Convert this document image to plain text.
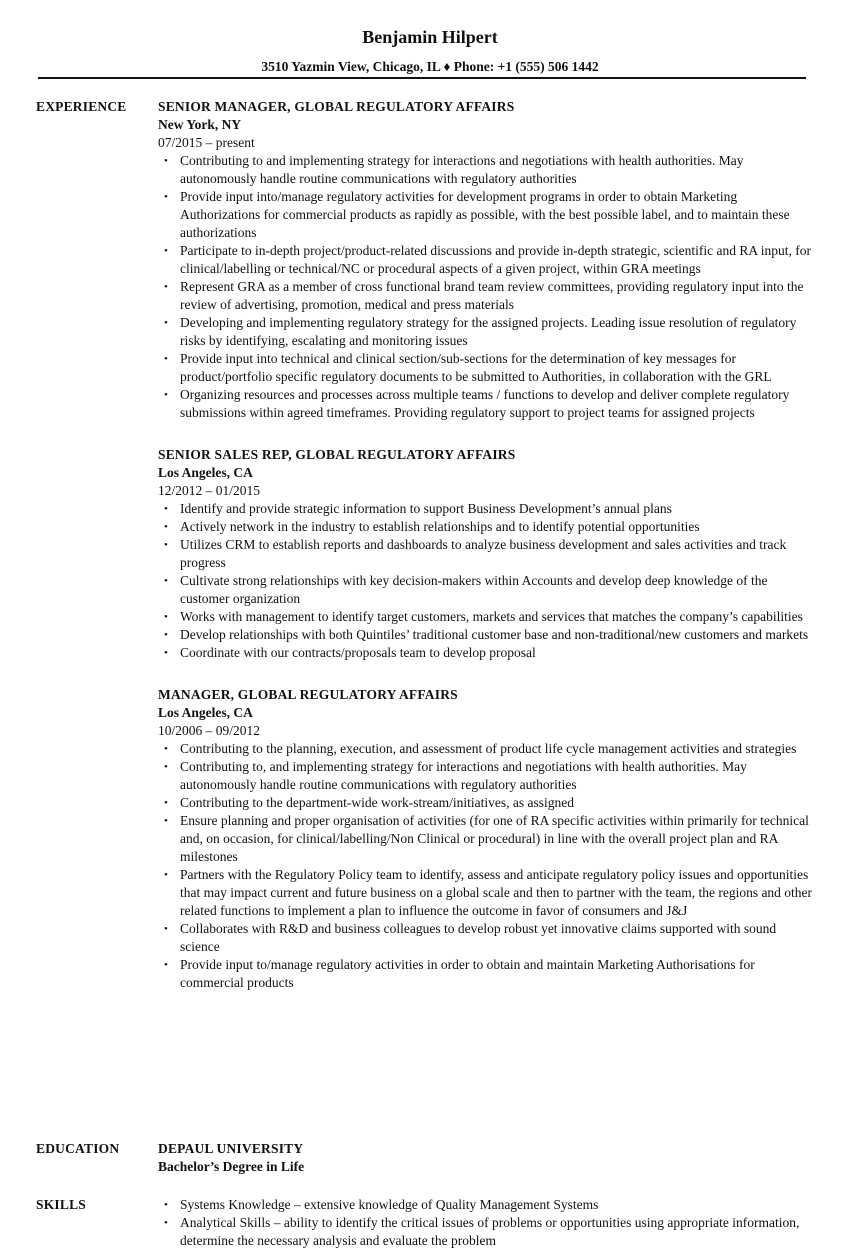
Benjamin Hilpert
3510 Yazmin View, Chicago, IL ♦ Phone: +1 (555) 506 1442
EXPERIENCE SENIOR MANAGER, GLOBAL REGULATORY AFFAIRS
New York, NY
07/2015 – present
• Contributing to and implementing strategy for interactions and negotiations with health authorities. May autonomously handle routine communications with regulatory authorities
• Provide input into/manage regulatory activities for development programs in order to obtain Marketing Authorizations for commercial products as rapidly as possible, with the best possible label, and to maintain these authorizations
• Participate to in-depth project/product-related discussions and provide in-depth strategic, scientific and RA input, for clinical/labelling or technical/NC or procedural aspects of a given project, within GRA meetings
• Represent GRA as a member of cross functional brand team review committees, providing regulatory input into the review of advertising, promotion, medical and press materials
• Developing and implementing regulatory strategy for the assigned projects. Leading issue resolution of regulatory risks by identifying, escalating and monitoring issues
• Provide input into technical and clinical section/sub-sections for the determination of key messages for product/portfolio specific regulatory documents to be submitted to Authorities, in collaboration with the GRL
• Organizing resources and processes across multiple teams / functions to develop and deliver complete regulatory submissions within agreed timeframes. Providing regulatory support to project teams for assigned projects
SENIOR SALES REP, GLOBAL REGULATORY AFFAIRS
Los Angeles, CA
12/2012 – 01/2015
• Identify and provide strategic information to support Business Development’s annual plans
• Actively network in the industry to establish relationships and to identify potential opportunities
• Utilizes CRM to establish reports and dashboards to analyze business development and sales activities and track progress
• Cultivate strong relationships with key decision-makers within Accounts and develop deep knowledge of the customer organization
• Works with management to identify target customers, markets and services that matches the company’s capabilities
• Develop relationships with both Quintiles’ traditional customer base and non-traditional/new customers and markets
• Coordinate with our contracts/proposals team to develop proposal
MANAGER, GLOBAL REGULATORY AFFAIRS
Los Angeles, CA
10/2006 – 09/2012
• Contributing to the planning, execution, and assessment of product life cycle management activities and strategies
• Contributing to, and implementing strategy for interactions and negotiations with health authorities. May autonomously handle routine communications with regulatory authorities
• Contributing to the department-wide work-stream/initiatives, as assigned
• Ensure planning and proper organisation of activities (for one of RA specific activities within primarily for technical and, on occasion, for clinical/labelling/Non Clinical or procedural) in line with the overall project plan and RA milestones
• Partners with the Regulatory Policy team to identify, assess and anticipate regulatory policy issues and opportunities that may impact current and future business on a global scale and then to partner with the team, the regions and other related functions to implement a plan to influence the outcome in favor of consumers and J&J
• Collaborates with R&D and business colleagues to develop robust yet innovative claims supported with sound science
• Provide input to/manage regulatory activities in order to obtain and maintain Marketing Authorisations for commercial products
EDUCATION	DEPAUL UNIVERSITY
Bachelor’s Degree in Life
SKILLS	• Systems Knowledge – extensive knowledge of Quality Management Systems
• Analytical Skills – ability to identify the critical issues of problems or opportunities using appropriate information, determine the necessary analysis and evaluate the problem
